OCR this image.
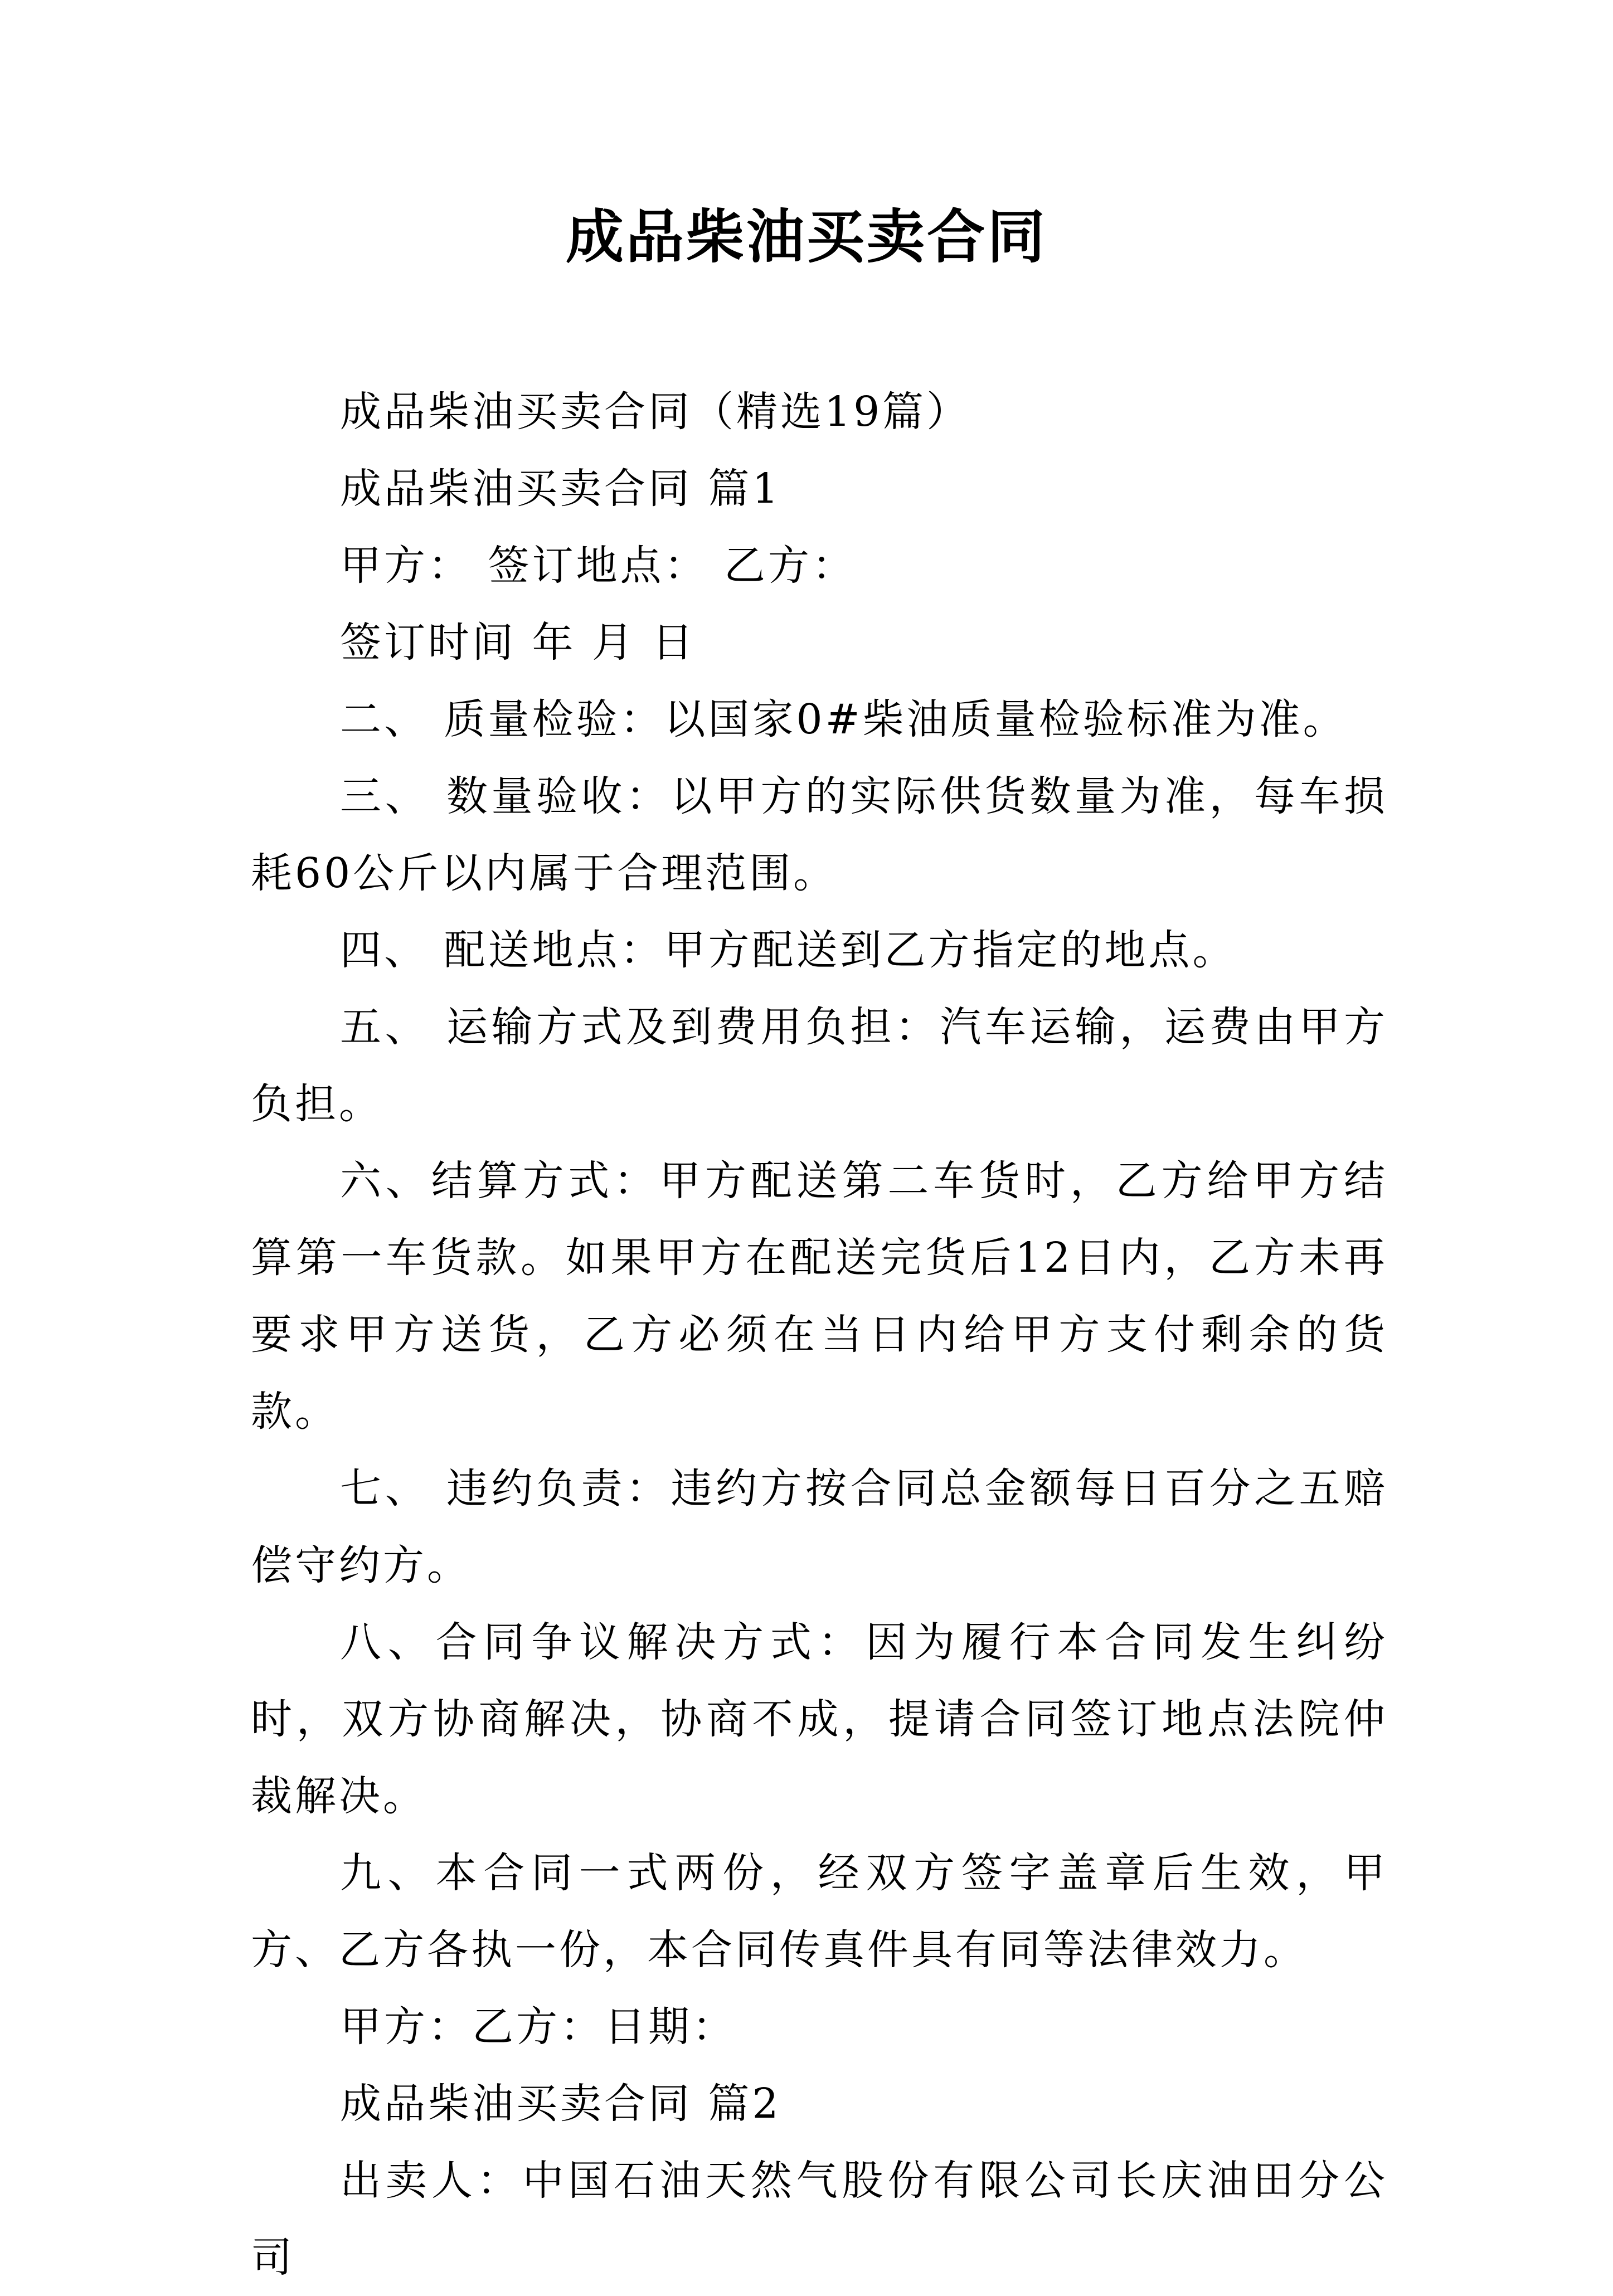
成品柴油买卖合同

成品柴油买卖合同（精选19篇）

成品柴油买卖合同 篇1

甲方： 签订地点： 乙方：

签订时间 年 月 日

二、 质量检验：以国家0#柴油质量检验标准为准。

三、 数量验收：以甲方的实际供货数量为准，每车损耗60公斤以内属于合理范围。

四、 配送地点：甲方配送到乙方指定的地点。

五、 运输方式及到费用负担：汽车运输，运费由甲方负担。

六、结算方式：甲方配送第二车货时，乙方给甲方结算第一车货款。如果甲方在配送完货后12日内，乙方未再要求甲方送货，乙方必须在当日内给甲方支付剩余的货款。

七、 违约负责：违约方按合同总金额每日百分之五赔偿守约方。

八、合同争议解决方式：因为履行本合同发生纠纷时，双方协商解决，协商不成，提请合同签订地点法院仲裁解决。

九、本合同一式两份，经双方签字盖章后生效，甲方、乙方各执一份，本合同传真件具有同等法律效力。

甲方：乙方：日期：

成品柴油买卖合同 篇2

出卖人：中国石油天然气股份有限公司长庆油田分公司
